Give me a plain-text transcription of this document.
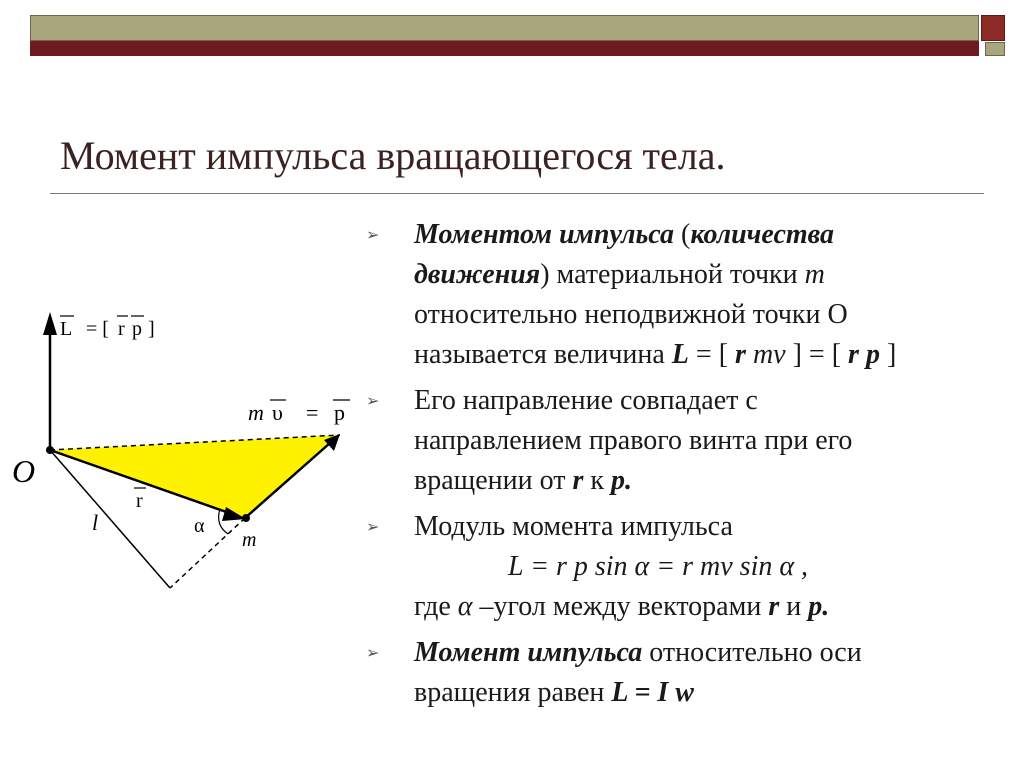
Момент импульса вращающегося тела.
L = [ r p ]
O
m υ = p
r
α
m
l
➢ Моментом импульса (количества
движения) материальной точки m
относительно неподвижной точки О
называется величина L = [ r mv ] = [ r p ]
➢ Его направление совпадает с
направлением правого винта при его
вращении от r к p.
➢ Модуль момента импульса
L = r p sin α = r mv sin α ,
где α –угол между векторами r и p.
➢ Момент импульса относительно оси
вращения равен L = I w
